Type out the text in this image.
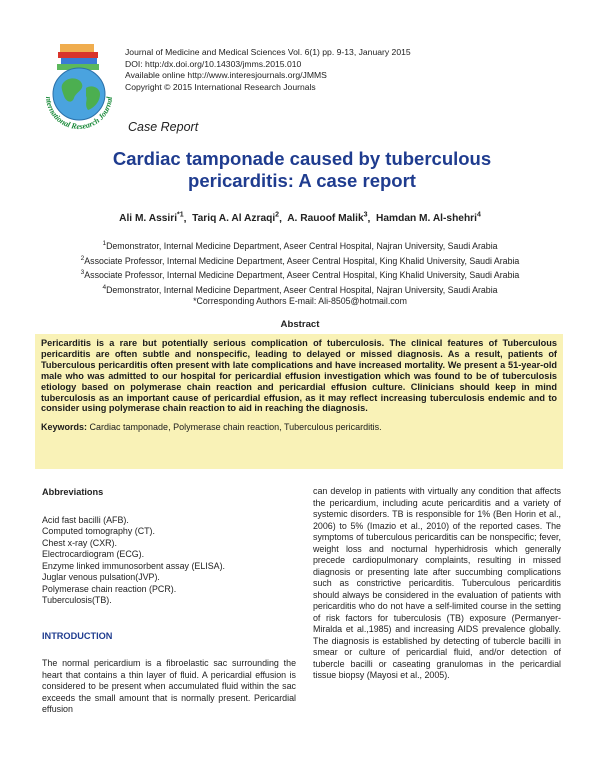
nternational Research Journal
Journal of Medicine and Medical Sciences Vol. 6(1) pp. 9-13, January 2015
DOI: http:/dx.doi.org/10.14303/jmms.2015.010
Available online http://www.interesjournals.org/JMMS
Copyright © 2015 International Research Journals
Case Report
Cardiac tamponade caused by tuberculous
pericarditis: A case report
Ali M. Assiri$^{*1}$,  Tariq A. Al Azraqi$^2$,  A. Rauoof Malik$^3$,  Hamdan M. Al-shehri$^4$
$^1$Demonstrator, Internal Medicine Department, Aseer Central Hospital, Najran University, Saudi Arabia
$^2$Associate Professor, Internal Medicine Department, Aseer Central Hospital, King Khalid University, Saudi Arabia
$^3$Associate Professor, Internal Medicine Department, Aseer Central Hospital, King Khalid University, Saudi Arabia
$^4$Demonstrator, Internal Medicine Department, Aseer Central Hospital, Najran University, Saudi Arabia
*Corresponding Authors E-mail: Ali-8505@hotmail.com
Abstract
Pericarditis is a rare but potentially serious complication of tuberculosis. The clinical features of Tuberculous pericarditis are often subtle and nonspecific, leading to delayed or missed diagnosis. As a result, patients of Tuberculous pericarditis often present with late complications and have increased mortality. We present a 51-year-old male who was admitted to our hospital for pericardial effusion investigation which was found to be of tuberculosis etiology based on polymerase chain reaction and pericardial effusion culture. Clinicians should keep in mind tuberculosis as an important cause of pericardial effusion, as it may reflect increasing tuberculosis endemic and to consider using polymerase chain reaction to aid in reaching the diagnosis.
Keywords: Cardiac tamponade, Polymerase chain reaction, Tuberculous pericarditis.
Abbreviations
Acid fast bacilli (AFB).
Computed tomography (CT).
Chest x-ray (CXR).
Electrocardiogram (ECG).
Enzyme linked immunosorbent assay (ELISA).
Juglar venous pulsation(JVP).
Polymerase chain reaction (PCR).
Tuberculosis(TB).
INTRODUCTION
The normal pericardium is a fibroelastic sac surrounding the heart that contains a thin layer of fluid. A pericardial effusion is considered to be present when accumulated fluid within the sac exceeds the small amount that is normally present. Pericardial effusion
can develop in patients with virtually any condition that affects the pericardium, including acute pericarditis and a variety of systemic disorders. TB is responsible for 1% (Ben Horin et al., 2006) to 5% (Imazio et al., 2010) of the reported cases. The symptoms of tuberculous pericarditis can be nonspecific; fever, weight loss and nocturnal hyperhidrosis which generally precede cardiopulmonary complaints, resulting in missed diagnosis or presenting late after succumbing complications such as constrictive pericarditis. Tuberculous pericarditis should always be considered in the evaluation of patients with pericarditis who do not have a self-limited course in the setting of risk factors for tuberculosis (TB) exposure (Permanyer-Miralda et al.,1985) and increasing AIDS prevalence globally. The diagnosis is established by detecting of tubercle bacilli in smear or culture of pericardial fluid, and/or detection of tubercle bacilli or caseating granulomas in the pericardial tissue biopsy (Mayosi et al., 2005).
